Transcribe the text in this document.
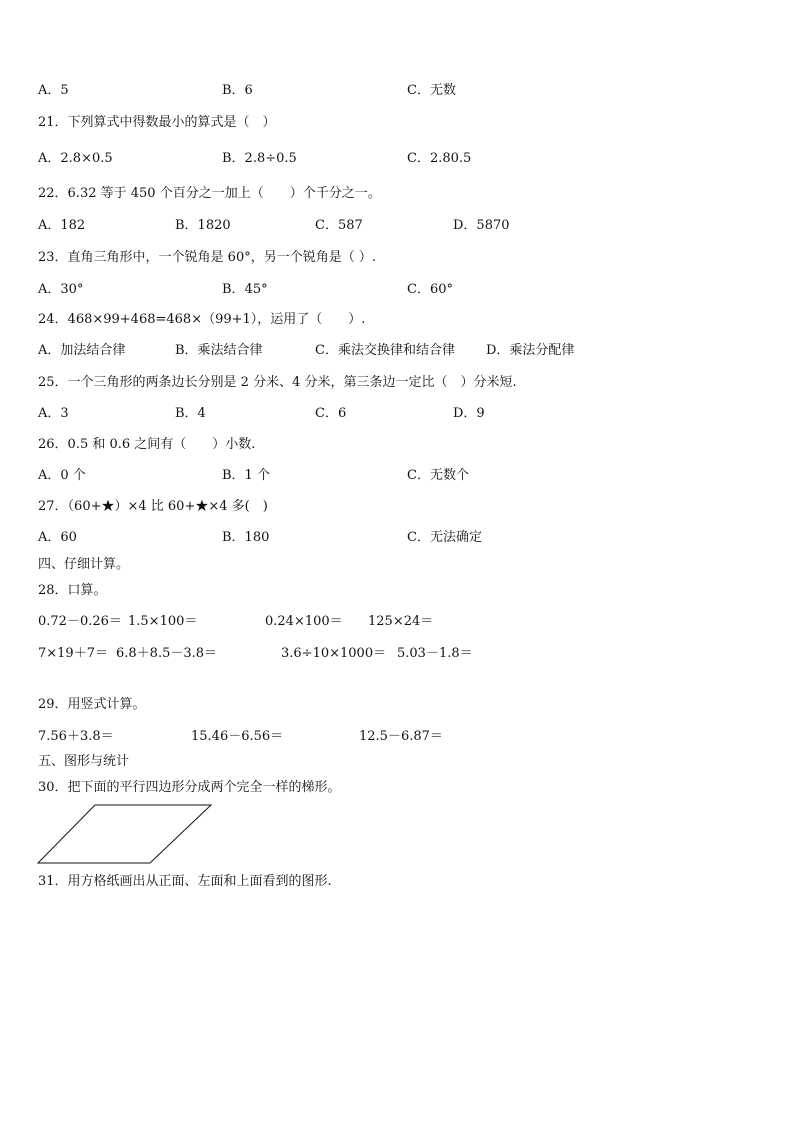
A．5	B．6	C．无数
21．下列算式中得数最小的算式是（　）
A．2.8×0.5	B．2.8÷0.5	C．2.80.5
22．6.32 等于 450 个百分之一加上（　　）个千分之一。
A．182	B．1820	C．587	D．5870
23．直角三角形中，一个锐角是 60°，另一个锐角是（ ）.
A．30°	B．45°	C．60°
24．468×99+468=468×（99+1），运用了（　　）.
A．加法结合律	B．乘法结合律	C．乘法交换律和结合律 D．乘法分配律
25．一个三角形的两条边长分别是 2 分米、4 分米，第三条边一定比（　）分米短.
A．3	B．4	C．6	D．9
26．0.5 和 0.6 之间有（　　）小数.
A．0 个	B．1 个	C．无数个
27．（60+★）×4 比 60+★×4 多(　)
A．60	B．180	C．无法确定
四、仔细计算。
28．口算。
0.72－0.26＝ 1.5×100＝	0.24×100＝ 125×24＝
7×19＋7＝ 6.8＋8.5－3.8＝	3.6÷10×1000＝ 5.03－1.8＝
29．用竖式计算。
7.56＋3.8＝	15.46－6.56＝	12.5－6.87＝
五、图形与统计
30．把下面的平行四边形分成两个完全一样的梯形。
31．用方格纸画出从正面、左面和上面看到的图形.
